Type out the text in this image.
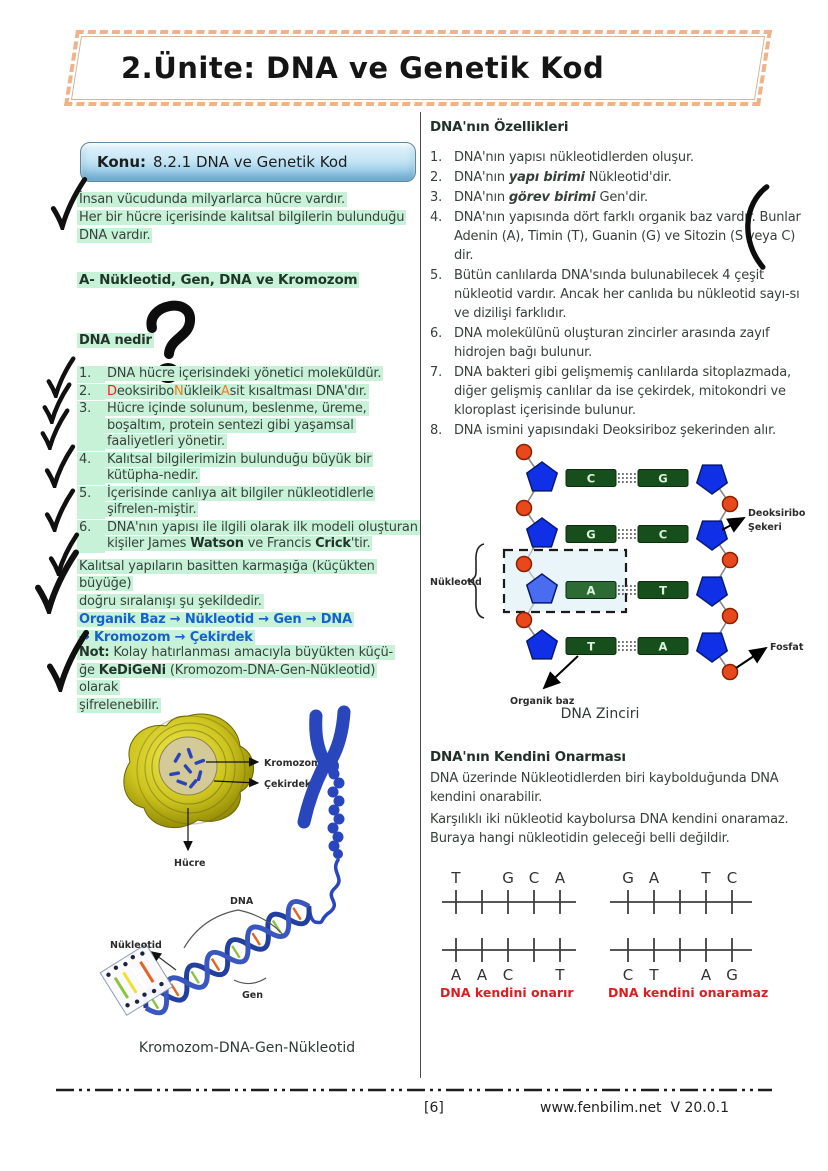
2.Ünite: DNA ve Genetik Kod
Konu: 8.2.1 DNA ve Genetik Kod
İnsan vücudunda milyarlarca hücre vardır.
Her bir hücre içerisinde kalıtsal bilgilerin bulunduğu
DNA vardır.
A- Nükleotid, Gen, DNA ve Kromozom
DNA nedir
1.	DNA hücre içerisindeki yönetici moleküldür.
2.	DeoksiriboNükleikAsit kısaltması DNA'dır.
3.	Hücre içinde solunum, beslenme, üreme, boşaltım, protein sentezi gibi yaşamsal faaliyetleri yönetir.
4.	Kalıtsal bilgilerimizin bulunduğu büyük bir kütüpha-nedir.
5.	İçerisinde canlıya ait bilgiler nükleotidlerle şifrelen-miştir.
6.	DNA'nın yapısı ile ilgili olarak ilk modeli oluşturan kişiler James Watson ve Francis Crick'tir.
Kalıtsal yapıların basitten karmaşığa (küçükten büyüğe)
doğru sıralanışı şu şekildedir.
Organik Baz → Nükleotid → Gen → DNA
→ Kromozom → Çekirdek
Not: Kolay hatırlanması amacıyla büyükten küçü-
ğe KeDiGeNi (Kromozom-DNA-Gen-Nükleotid) olarak
şifrelenebilir.
Kromozom
Çekirdek
Hücre
DNA
Nükleotid
Gen
Kromozom-DNA-Gen-Nükleotid
DNA'nın Özellikleri
1. DNA'nın yapısı nükleotidlerden oluşur.
2. DNA'nın yapı birimi Nükleotid'dir.
3. DNA'nın görev birimi Gen'dir.
4. DNA'nın yapısında dört farklı organik baz vardır. Bunlar Adenin (A), Timin (T), Guanin (G) ve Sitozin (S veya C) dir.
5. Bütün canlılarda DNA'sında bulunabilecek 4 çeşit nükleotid vardır. Ancak her canlıda bu nükleotid sayı-sı ve dizilişi farklıdır.
6. DNA molekülünü oluşturan zincirler arasında zayıf hidrojen bağı bulunur.
7. DNA bakteri gibi gelişmemiş canlılarda sitoplazmada, diğer gelişmiş canlılar da ise çekirdek, mitokondri ve kloroplast içerisinde bulunur.
8. DNA ismini yapısındaki Deoksiriboz şekerinden alır.
Nükleotid
C	G
G	C
A	T
T	A
Deoksiribo
Şekeri
Fosfat
Organik baz
DNA Zinciri
DNA'nın Kendini Onarması
DNA üzerinde Nükleotidlerden biri kaybolduğunda DNA kendini onarabilir.
Karşılıklı iki nükleotid kaybolursa DNA kendini onaramaz. Buraya hangi nükleotidin geleceği belli değildir.
T	G C A
A A C	T
DNA kendini onarır
G A	T C
C T	A G
DNA kendini onaramaz
[6]	www.fenbilim.net V 20.0.1
